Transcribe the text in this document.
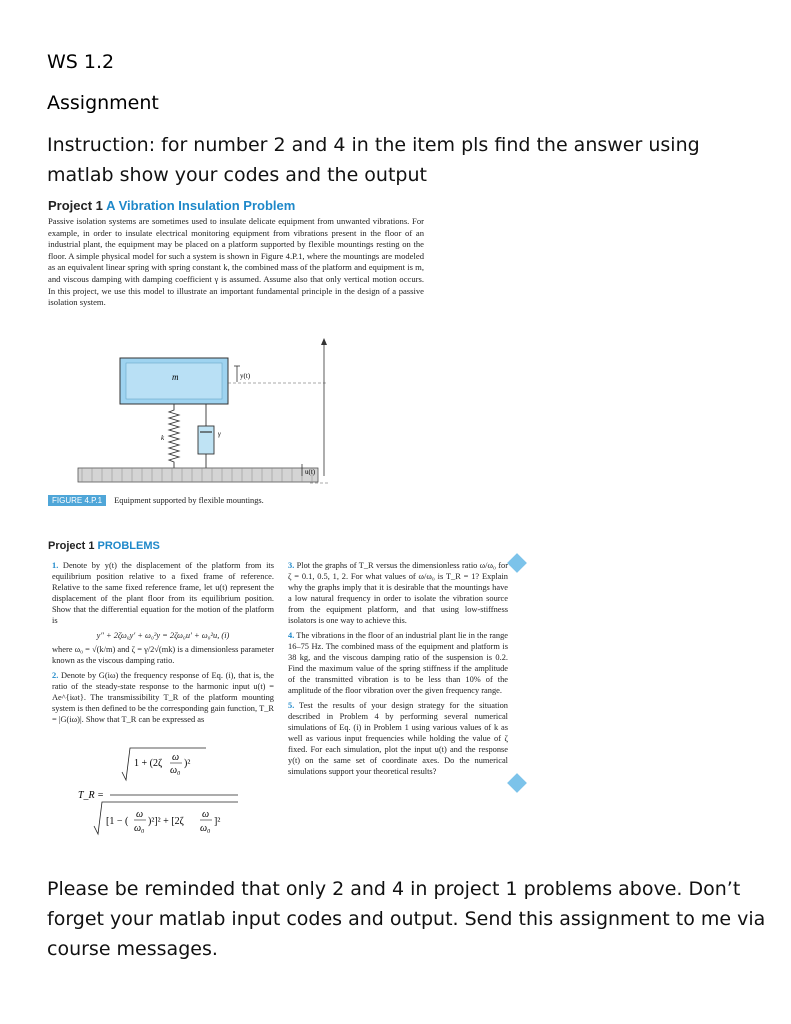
WS 1.2
Assignment
Instruction: for number 2 and 4 in the item pls find the answer using matlab show your codes and the output
Project 1 A Vibration Insulation Problem
Passive isolation systems are sometimes used to insulate delicate equipment from unwanted vibrations. For example, in order to insulate electrical monitoring equipment from vibrations present in the floor of an industrial plant, the equipment may be placed on a platform supported by flexible mountings resting on the floor. A simple physical model for such a system is shown in Figure 4.P.1, where the mountings are modeled as an equivalent linear spring with spring constant k, the combined mass of the platform and equipment is m, and viscous damping with damping coefficient γ is assumed. Assume also that only vertical motion occurs. In this project, we use this model to illustrate an important fundamental principle in the design of a passive isolation system.
m	y(t)
k	γ
u(t)
FIGURE 4.P.1 Equipment supported by flexible mountings.
Project 1 PROBLEMS

1. Denote by y(t) the displacement of the platform from its equilibrium position relative to a fixed frame of reference. Relative to the same fixed reference frame, let u(t) represent the displacement of the plant floor from its equilibrium position. Show that the differential equation for the motion of the platform is

y″ + 2ζω₀y′ + ω₀²y = 2ζω₀u′ + ω₀²u, (i)

where ω₀ = √(k/m) and ζ = γ/2√(mk) is a dimensionless parameter known as the viscous damping ratio.

2. Denote by G(iω) the frequency response of Eq. (i), that is, the ratio of the steady-state response to the harmonic input u(t) = Ae^{iωt}. The transmissibility T_R of the platform mounting system is then defined to be the corresponding gain function, T_R = |G(iω)|. Show that T_R can be expressed as

T_R =
1 + (2ζ
ω
ω₀
)²
[1 − (
ω
ω₀
)²]² + [2ζ
ω
ω₀
]²

3. Plot the graphs of T_R versus the dimensionless ratio ω/ω₀ for ζ = 0.1, 0.5, 1, 2. For what values of ω/ω₀ is T_R = 1? Explain why the graphs imply that it is desirable that the mountings have a low natural frequency in order to isolate the vibration source from the equipment platform, and that using low-stiffness isolators is one way to achieve this.

4. The vibrations in the floor of an industrial plant lie in the range 16–75 Hz. The combined mass of the equipment and platform is 38 kg, and the viscous damping ratio of the suspension is 0.2. Find the maximum value of the spring stiffness if the amplitude of the transmitted vibration is to be less than 10% of the amplitude of the floor vibration over the given frequency range.

5. Test the results of your design strategy for the situation described in Problem 4 by performing several numerical simulations of Eq. (i) in Problem 1 using various values of k as well as various input frequencies while holding the value of ζ fixed. For each simulation, plot the input u(t) and the response y(t) on the same set of coordinate axes. Do the numerical simulations support your theoretical results?

Please be reminded that only 2 and 4 in project 1 problems above. Don’t forget your matlab input codes and output. Send this assignment to me via course messages.
